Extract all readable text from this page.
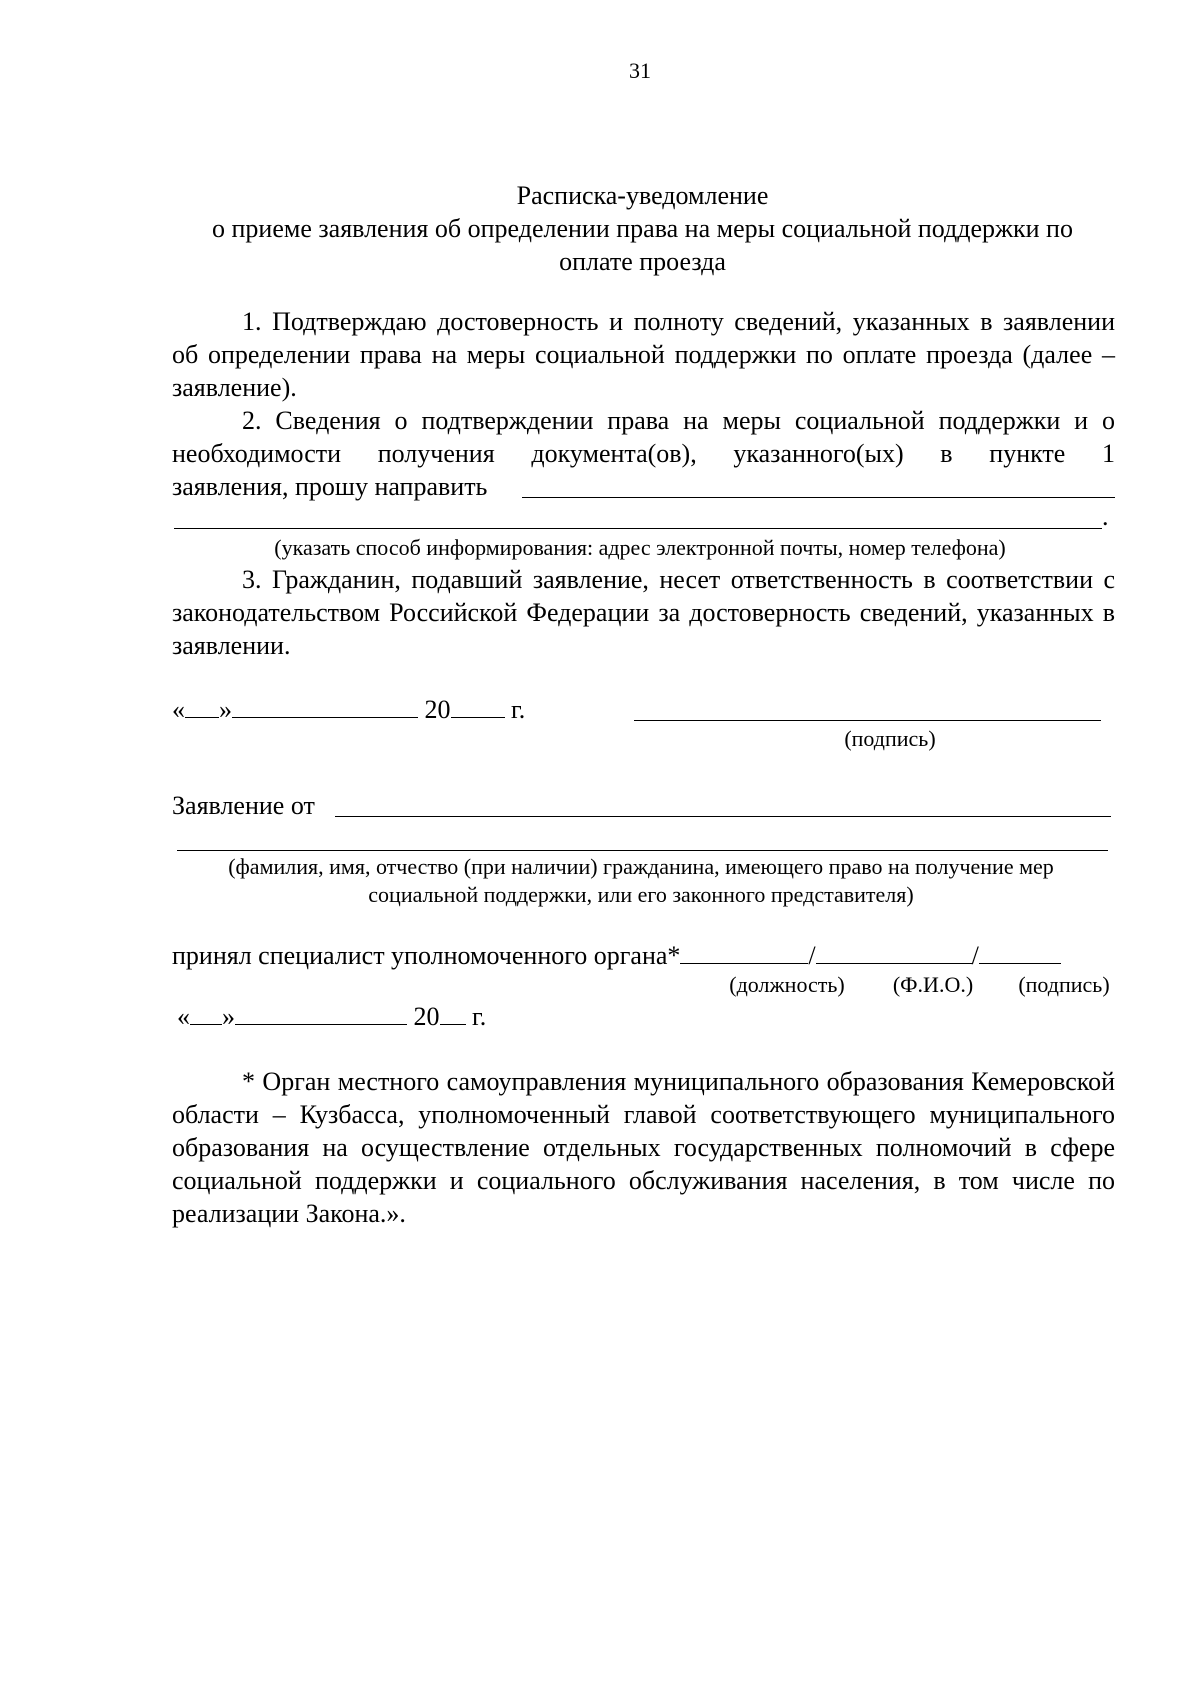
31
Расписка-уведомление
о приеме заявления об определении права на меры социальной поддержки по
оплате проезда
1. Подтверждаю достоверность и полноту сведений, указанных в заявлении об определении права на меры социальной поддержки по оплате проезда (далее – заявление).
2. Сведения о подтверждении права на меры социальной поддержки и о необходимости получения документа(ов), указанного(ых) в пункте 1
заявления, прошу направить
.
(указать способ информирования: адрес электронной почты, номер телефона)
3. Гражданин, подавший заявление, несет ответственность в соответствии с законодательством Российской Федерации за достоверность сведений, указанных в заявлении.
« »	20 г.
(подпись)
Заявление от
(фамилия, имя, отчество (при наличии) гражданина, имеющего право на получение мер
социальной поддержки, или его законного представителя)
принял специалист уполномоченного органа*	/	/
(должность)	(Ф.И.О.)	(подпись)
« »	20 г.
* Орган местного самоуправления муниципального образования Кемеровской области – Кузбасса, уполномоченный главой соответствующего муниципального образования на осуществление отдельных государственных полномочий в сфере социальной поддержки и социального обслуживания населения, в том числе по реализации Закона.».
